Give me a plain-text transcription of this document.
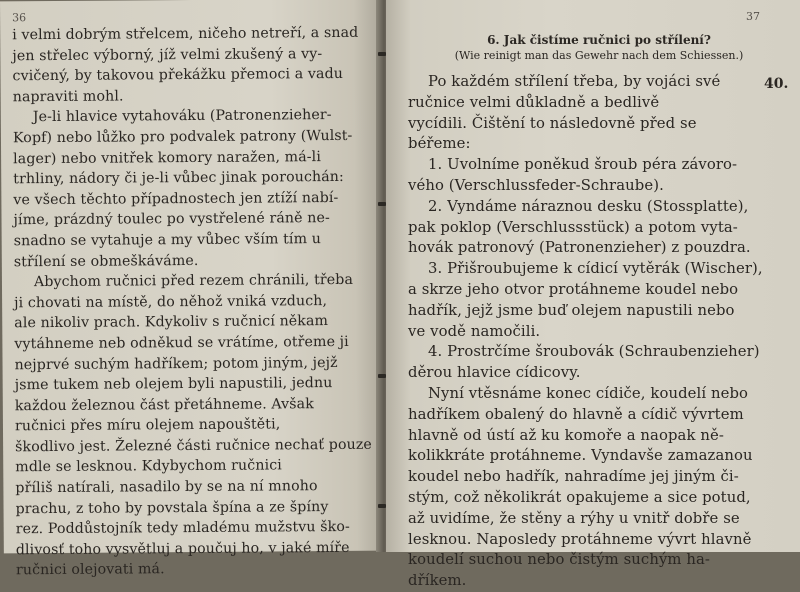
36
i velmi dobrým střelcem, ničeho netreří, a snad
jen střelec výborný, jíž velmi zkušený a vy-
cvičený, by takovou překážku přemoci a vadu
napraviti mohl.
Je-li hlavice vytahováku (Patronenzieher-
Kopf) nebo lůžko pro podvalek patrony (Wulst-
lager) nebo vnitřek komory naražen, má-li
trhliny, nádory či je-li vůbec jinak porouchán:
ve všech těchto případnostech jen ztíží nabí-
jíme, prázdný toulec po vystřelené ráně ne-
snadno se vytahuje a my vůbec vším tím u
střílení se obmeškáváme.
Abychom ručnici před rezem chránili, třeba
ji chovati na místě, do něhož vniká vzduch,
ale nikoliv prach. Kdykoliv s ručnicí někam
vytáhneme neb odněkud se vrátíme, otřeme ji
nejprvé suchým hadříkem; potom jiným, jejž
jsme tukem neb olejem byli napustili, jednu
každou železnou část přetáhneme. Avšak
ručnici přes míru olejem napouštěti,
škodlivo jest. Železné části ručnice nechať pouze
mdle se lesknou. Kdybychom ručnici
příliš natírali, nasadilo by se na ní mnoho
prachu, z toho by povstala špína a ze špíny
rez. Poddůstojník tedy mladému mužstvu ško-
dlivosť toho vysvětluj a poučuj ho, v jaké míře
ručnici olejovati má.
37
6. Jak čistíme ručnici po střílení?
(Wie reinigt man das Gewehr nach dem Schiessen.)
Po každém střílení třeba, by vojáci své
ručnice velmi důkladně a bedlivě
vycídili. Čištění to následovně před se
béřeme:
1. Uvolníme poněkud šroub péra závoro-
vého (Verschlussfeder-Schraube).
2. Vyndáme náraznou desku (Stossplatte),
pak poklop (Verschlussstück) a potom vyta-
hovák patronový (Patronenzieher) z pouzdra.
3. Přišroubujeme k cídicí vytěrák (Wischer),
a skrze jeho otvor protáhneme koudel nebo
hadřík, jejž jsme buď olejem napustili nebo
ve vodě namočili.
4. Prostrčíme šroubovák (Schraubenzieher)
děrou hlavice cídicovy.
Nyní vtěsnáme konec cídiče, koudelí nebo
hadříkem obalený do hlavně a cídič vývrtem
hlavně od ústí až ku komoře a naopak ně-
kolikkráte protáhneme. Vyndavše zamazanou
koudel nebo hadřík, nahradíme jej jiným či-
stým, což několikrát opakujeme a sice potud,
až uvidíme, že stěny a rýhy u vnitř dobře se
lesknou. Naposledy protáhneme vývrt hlavně
koudelí suchou nebo čistým suchým ha-
dříkem.
40.
